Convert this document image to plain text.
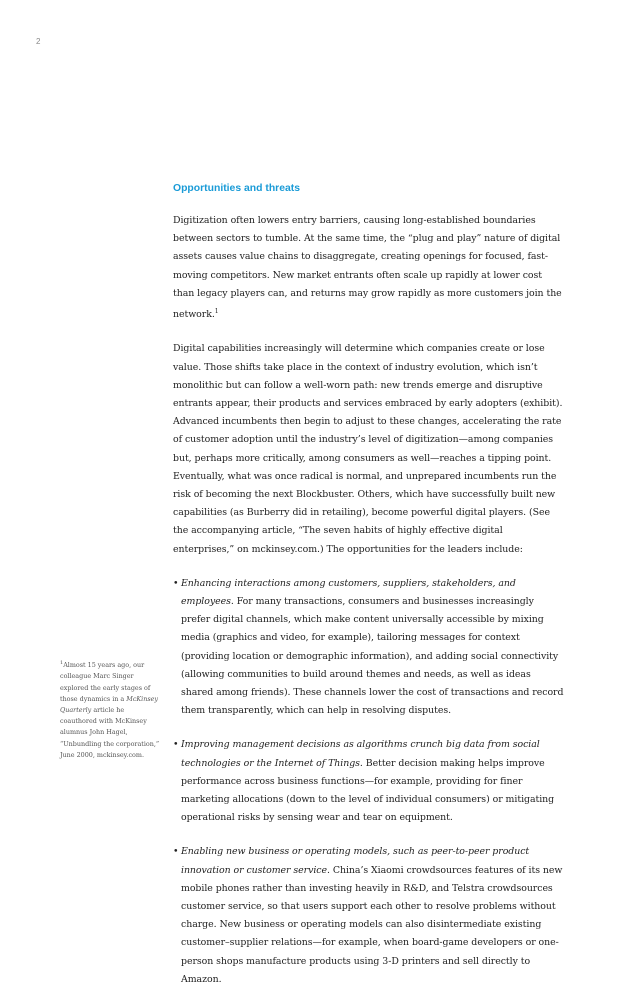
2
Opportunities and threats

Digitization often lowers entry barriers, causing long-established boundaries between sectors to tumble. At the same time, the “plug and play” nature of digital assets causes value chains to disaggregate, creating openings for focused, fast-moving competitors. New market entrants often scale up rapidly at lower cost than legacy players can, and returns may grow rapidly as more customers join the network.$^1$

Digital capabilities increasingly will determine which companies create or lose value. Those shifts take place in the context of industry evolution, which isn’t monolithic but can follow a well-worn path: new trends emerge and disruptive entrants appear, their products and services embraced by early adopters (exhibit). Advanced incumbents then begin to adjust to these changes, accelerating the rate of customer adoption until the industry’s level of digitization—among companies but, perhaps more critically, among consumers as well—reaches a tipping point. Eventually, what was once radical is normal, and unprepared incumbents run the risk of becoming the next Blockbuster. Others, which have successfully built new capabilities (as Burberry did in retailing), become powerful digital players. (See the accompanying article, “The seven habits of highly effective digital enterprises,” on mckinsey.com.) The opportunities for the leaders include:

• Enhancing interactions among customers, suppliers, stakeholders, and employees. For many transactions, consumers and businesses increasingly prefer digital channels, which make content universally accessible by mixing media (graphics and video, for example), tailoring messages for context (providing location or demographic information), and adding social connectivity (allowing communities to build around themes and needs, as well as ideas shared among friends). These channels lower the cost of transactions and record them transparently, which can help in resolving disputes.
• Improving management decisions as algorithms crunch big data from social technologies or the Internet of Things. Better decision making helps improve performance across business functions—for example, providing for finer marketing allocations (down to the level of individual consumers) or mitigating operational risks by sensing wear and tear on equipment.
• Enabling new business or operating models, such as peer-to-peer product innovation or customer service. China’s Xiaomi crowdsources features of its new mobile phones rather than investing heavily in R&D, and Telstra crowdsources customer service, so that users support each other to resolve problems without charge. New business or operating models can also disintermediate existing customer–supplier relations—for example, when board-game developers or one-person shops manufacture products using 3-D printers and sell directly to Amazon.
$^1$Almost 15 years ago, our colleague Marc Singer explored the early stages of those dynamics in a McKinsey Quarterly article he coauthored with McKinsey alumnus John Hagel, “Unbundling the corporation,” June 2000, mckinsey.com.
